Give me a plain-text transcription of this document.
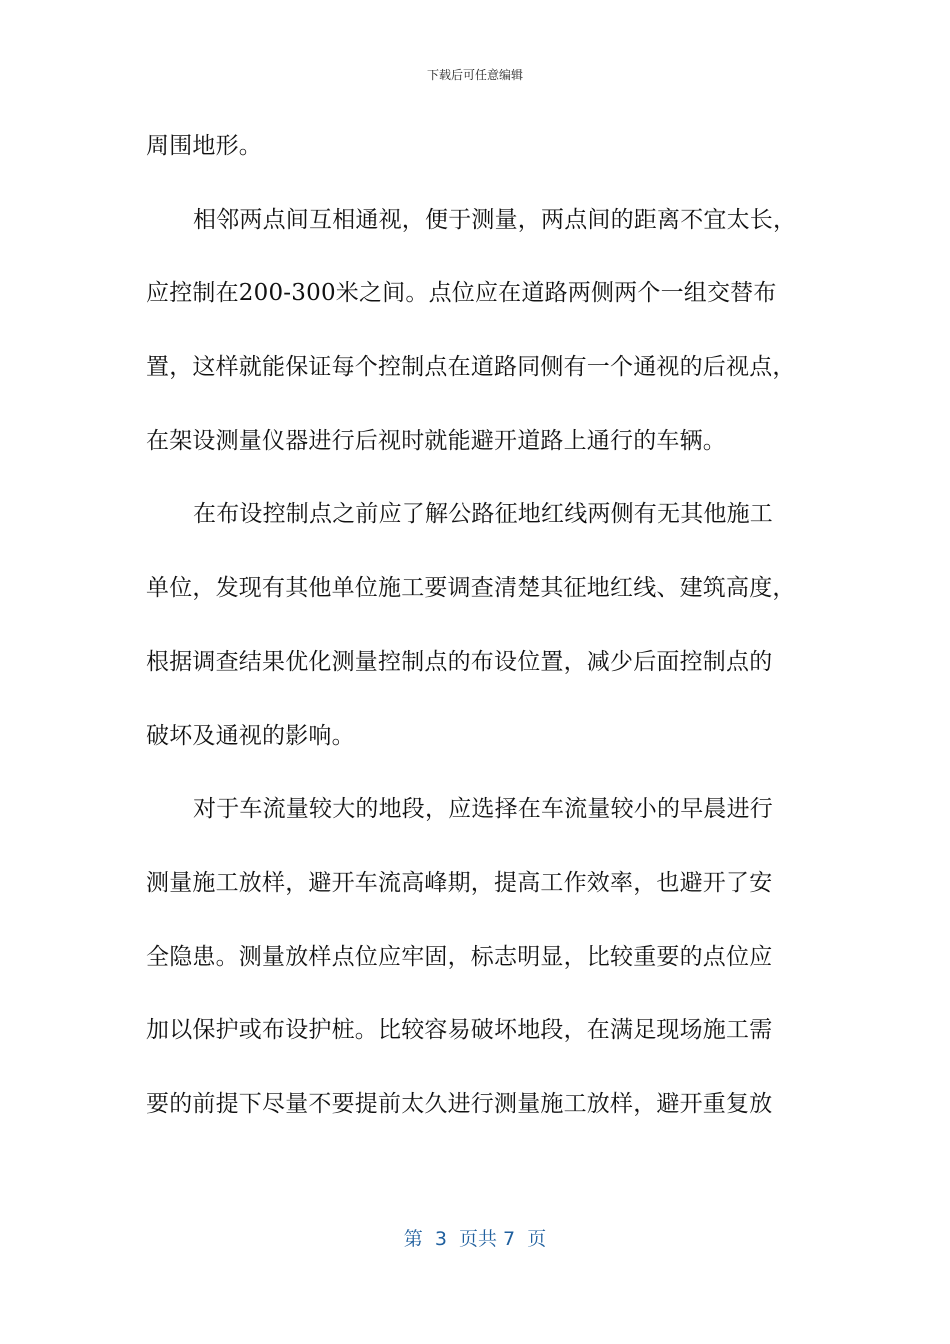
下载后可任意编辑
周围地形。
相邻两点间互相通视，便于测量，两点间的距离不宜太长，
应控制在200-300米之间。点位应在道路两侧两个一组交替布
置，这样就能保证每个控制点在道路同侧有一个通视的后视点，
在架设测量仪器进行后视时就能避开道路上通行的车辆。
在布设控制点之前应了解公路征地红线两侧有无其他施工
单位，发现有其他单位施工要调查清楚其征地红线、建筑高度，
根据调查结果优化测量控制点的布设位置，减少后面控制点的
破坏及通视的影响。
对于车流量较大的地段，应选择在车流量较小的早晨进行
测量施工放样，避开车流高峰期，提高工作效率，也避开了安
全隐患。测量放样点位应牢固，标志明显，比较重要的点位应
加以保护或布设护桩。比较容易破坏地段，在满足现场施工需
要的前提下尽量不要提前太久进行测量施工放样，避开重复放
第  3  页共 7  页
